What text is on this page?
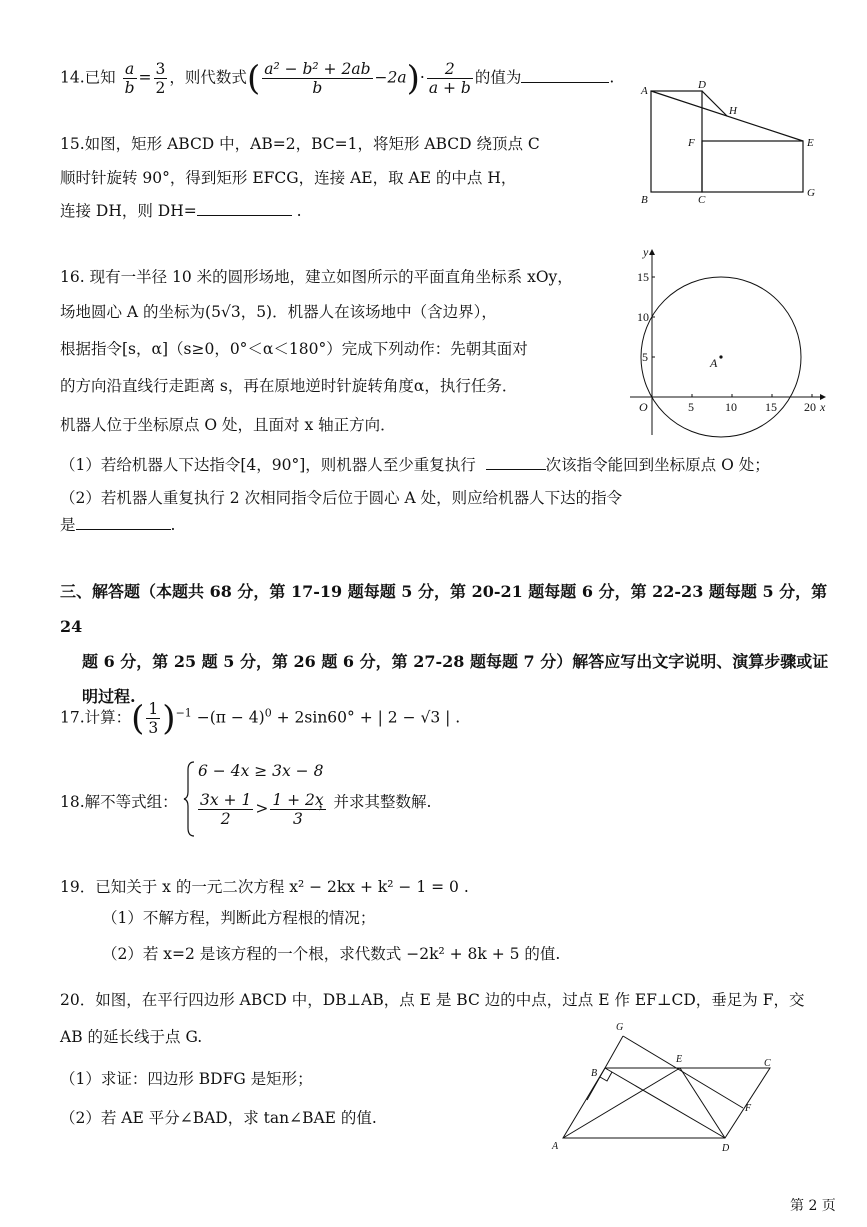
14.已知 $\frac{a}{b} = \frac{3}{2}$ ，则代数式( $\frac{\text{a² − b² + 2ab}}{b} -2a)\cdot \frac{2}{a + b}$ 的值为	.
15.如图，矩形 ABCD 中，AB=2，BC=1，将矩形 ABCD 绕顶点 C
顺时针旋转 90°，得到矩形 EFCG，连接 AE，取 AE 的中点 H，
连接 DH，则 DH=	.
A	D
H
F	E
B	C
G
16. 现有一半径 10 米的圆形场地，建立如图所示的平面直角坐标系 xOy，
场地圆心 A 的坐标为(5√3，5)．机器人在该场地中（含边界），
根据指令[s，α]（s≥0，0°＜α＜180°）完成下列动作：先朝其面对
的方向沿直线行走距离 s，再在原地逆时针旋转角度α，执行任务．
机器人位于坐标原点 O 处，且面对 x 轴正方向．
（1）若给机器人下达指令[4，90°]，则机器人至少重复执行	次该指令能回到坐标原点 O 处；
（2）若机器人重复执行 2 次相同指令后位于圆心 A 处，则应给机器人下达的指令
是	.
y
x
O
A
5	10 15 20
5
10
15
三、解答题（本题共 68 分，第 17-19 题每题 5 分，第 20-21 题每题 6 分，第 22-23 题每题 5 分，第 24
题 6 分，第 25 题 5 分，第 26 题 6 分，第 27-28 题每题 7 分）解答应写出文字说明、演算步骤或证
明过程.
17.计算：( $\frac{1}{3} )^{-1} -(\pi - 4)^0 + 2\sin 60^\circ$ + | 2 − √3 | .
18.解不等式组：
6 − 4x ≥ 3x − 8
$\frac{3x + 1}{2} > \frac{1 + 2x}{3}$
，并求其整数解.
19．已知关于 x 的一元二次方程 x² − 2kx + k² − 1 = 0 .
（1）不解方程，判断此方程根的情况；
（2）若 x=2 是该方程的一个根，求代数式 −2k² + 8k + 5 的值.
20．如图，在平行四边形 ABCD 中，DB⊥AB，点 E 是 BC 边的中点，过点 E 作 EF⊥CD，垂足为 F，交
AB 的延长线于点 G.
（1）求证：四边形 BDFG 是矩形；
（2）若 AE 平分∠BAD，求 tan∠BAE 的值.
G
E	C
B
F
A	D
第 2 页
